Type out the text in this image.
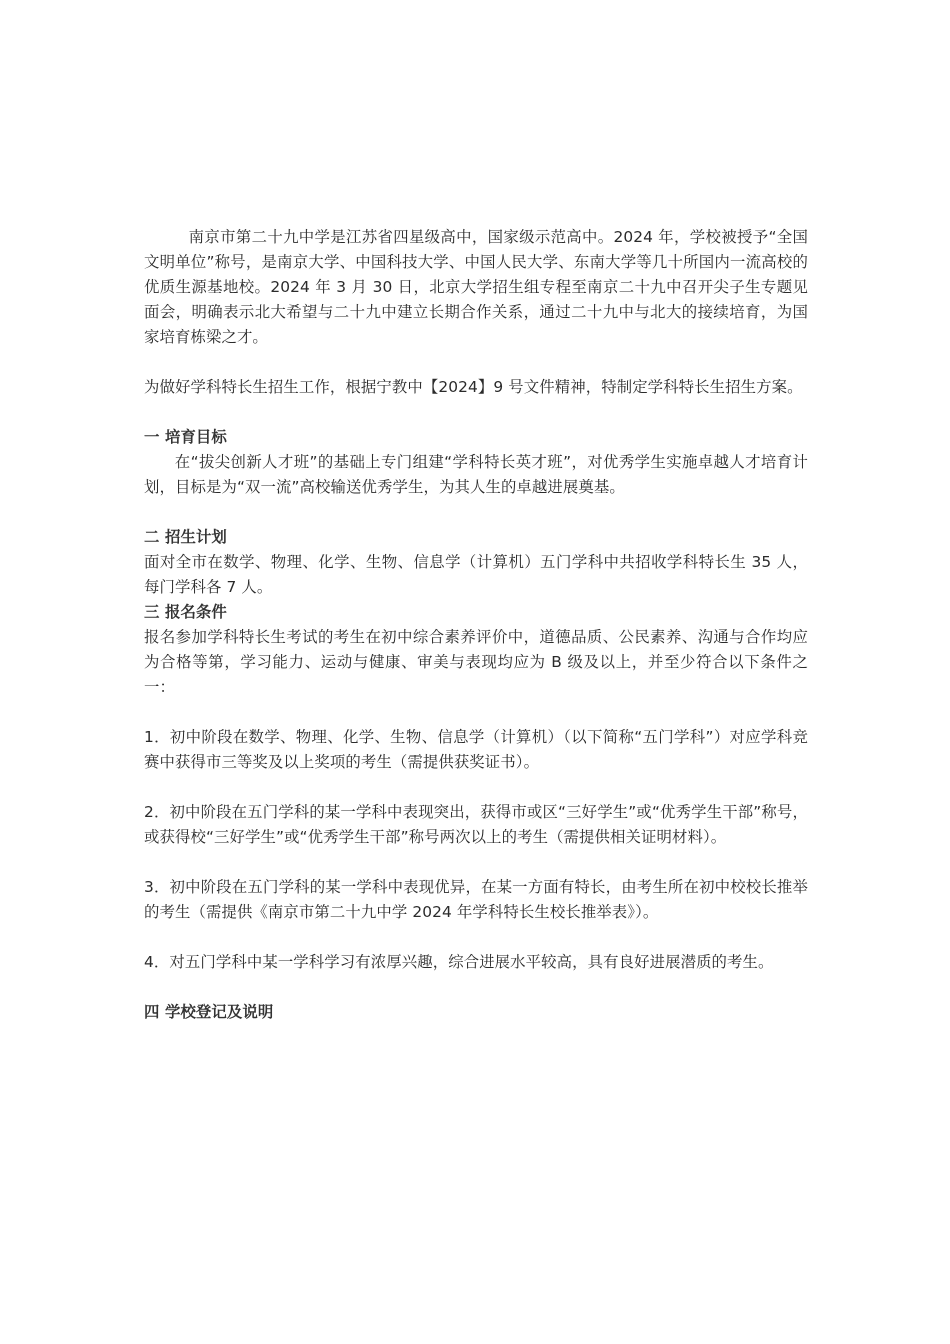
南京市第二十九中学是江苏省四星级高中，国家级示范高中。2024 年，学校被授予“全国文明单位”称号，是南京大学、中国科技大学、中国人民大学、东南大学等几十所国内一流高校的优质生源基地校。2024 年 3 月 30 日，北京大学招生组专程至南京二十九中召开尖子生专题见面会，明确表示北大希望与二十九中建立长期合作关系，通过二十九中与北大的接续培育，为国家培育栋梁之才。

为做好学科特长生招生工作，根据宁教中【2024】9 号文件精神，特制定学科特长生招生方案。

一 培育目标

在“拔尖创新人才班”的基础上专门组建“学科特长英才班”，对优秀学生实施卓越人才培育计划，目标是为“双一流”高校输送优秀学生，为其人生的卓越进展奠基。

二 招生计划

面对全市在数学、物理、化学、生物、信息学（计算机）五门学科中共招收学科特长生 35 人，每门学科各 7 人。

三 报名条件

报名参加学科特长生考试的考生在初中综合素养评价中，道德品质、公民素养、沟通与合作均应为合格等第，学习能力、运动与健康、审美与表现均应为 B 级及以上，并至少符合以下条件之一：

1．初中阶段在数学、物理、化学、生物、信息学（计算机）（以下简称“五门学科”）对应学科竞赛中获得市三等奖及以上奖项的考生（需提供获奖证书）。

2．初中阶段在五门学科的某一学科中表现突出，获得市或区“三好学生”或“优秀学生干部”称号，或获得校“三好学生”或“优秀学生干部”称号两次以上的考生（需提供相关证明材料）。

3．初中阶段在五门学科的某一学科中表现优异，在某一方面有特长，由考生所在初中校校长推举的考生（需提供《南京市第二十九中学 2024 年学科特长生校长推举表》）。

4．对五门学科中某一学科学习有浓厚兴趣，综合进展水平较高，具有良好进展潜质的考生。

四 学校登记及说明
